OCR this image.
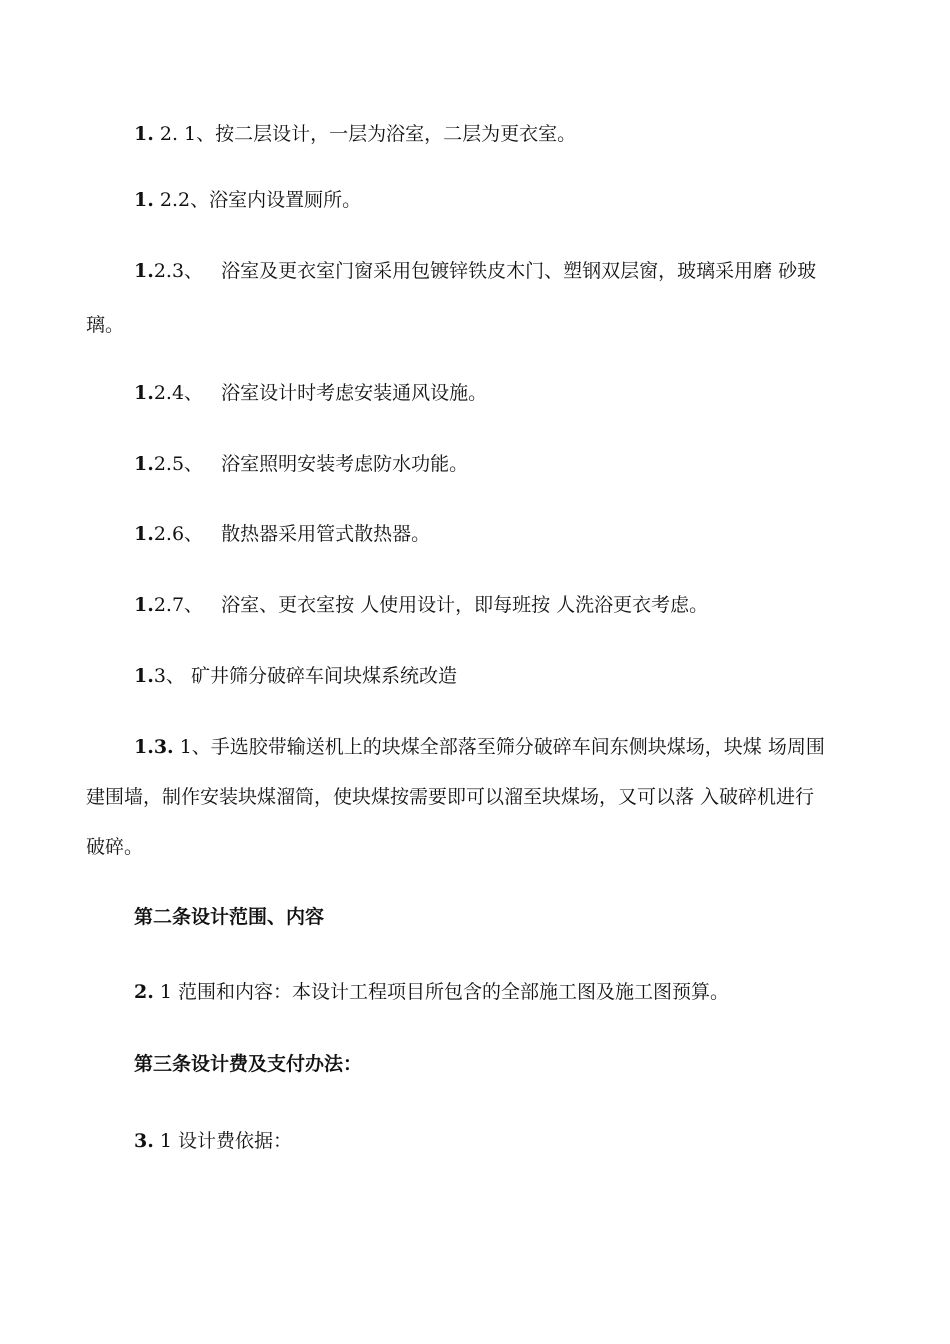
1. 2. 1、按二层设计，一层为浴室，二层为更衣室。
1. 2.2、浴室内设置厕所。
1.2.3、 浴室及更衣室门窗采用包镀锌铁皮木门、塑钢双层窗，玻璃采用磨 砂玻
璃。
1.2.4、 浴室设计时考虑安装通风设施。
1.2.5、 浴室照明安装考虑防水功能。
1.2.6、 散热器采用管式散热器。
1.2.7、 浴室、更衣室按 人使用设计，即每班按 人洗浴更衣考虑。
1.3、 矿井筛分破碎车间块煤系统改造
1.3. 1、手选胶带输送机上的块煤全部落至筛分破碎车间东侧块煤场，块煤 场周围
建围墙，制作安装块煤溜筒，使块煤按需要即可以溜至块煤场，又可以落 入破碎机进行
破碎。
第二条设计范围、内容
2. 1 范围和内容：本设计工程项目所包含的全部施工图及施工图预算。
第三条设计费及支付办法：
3. 1 设计费依据：
